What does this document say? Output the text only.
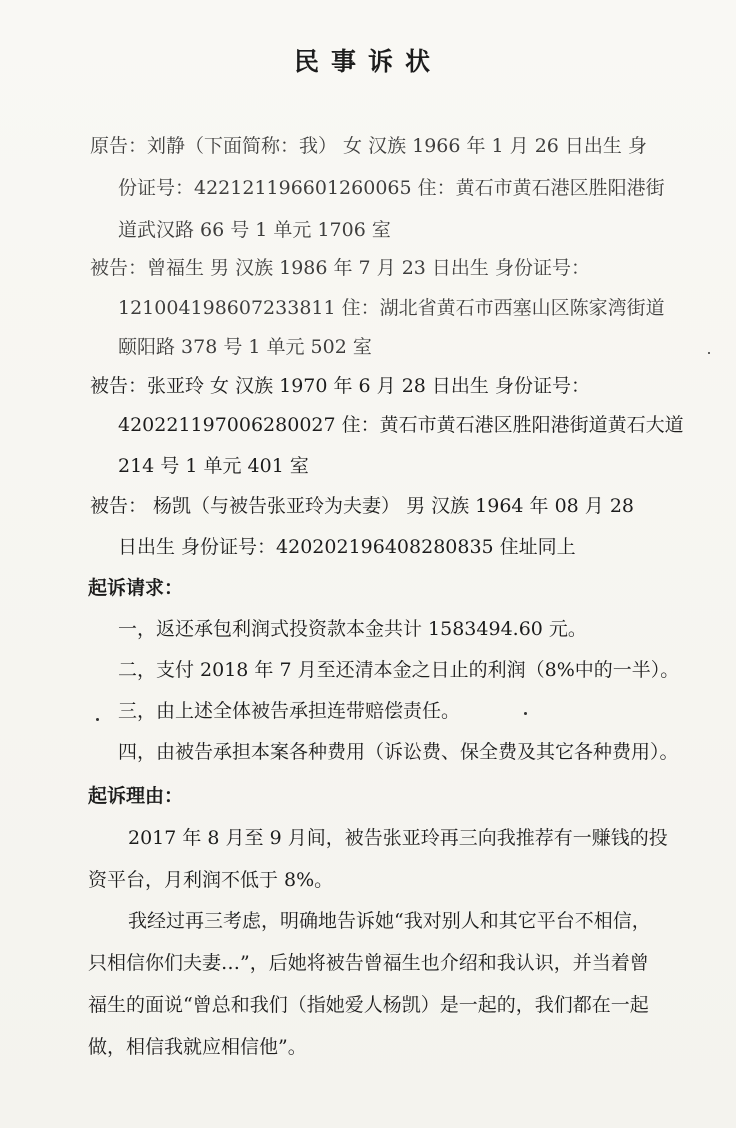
民事诉状
原告：刘静（下面简称：我） 女 汉族 1966 年 1 月 26 日出生 身
份证号：422121196601260065 住：黄石市黄石港区胜阳港街
道武汉路 66 号 1 单元 1706 室
被告：曾福生 男 汉族 1986 年 7 月 23 日出生 身份证号：
121004198607233811 住：湖北省黄石市西塞山区陈家湾街道
颐阳路 378 号 1 单元 502 室
被告：张亚玲 女 汉族 1970 年 6 月 28 日出生 身份证号：
420221197006280027 住：黄石市黄石港区胜阳港街道黄石大道
214 号 1 单元 401 室
被告： 杨凯（与被告张亚玲为夫妻） 男 汉族 1964 年 08 月 28
日出生 身份证号：420202196408280835 住址同上
起诉请求：
一，返还承包利润式投资款本金共计 1583494.60 元。
二，支付 2018 年 7 月至还清本金之日止的利润（8%中的一半）。
三，由上述全体被告承担连带赔偿责任。
四，由被告承担本案各种费用（诉讼费、保全费及其它各种费用）。
起诉理由：
2017 年 8 月至 9 月间，被告张亚玲再三向我推荐有一赚钱的投
资平台，月利润不低于 8%。
我经过再三考虑，明确地告诉她“我对别人和其它平台不相信，
只相信你们夫妻…”，后她将被告曾福生也介绍和我认识，并当着曾
福生的面说“曾总和我们（指她爱人杨凯）是一起的，我们都在一起
做，相信我就应相信他”。
